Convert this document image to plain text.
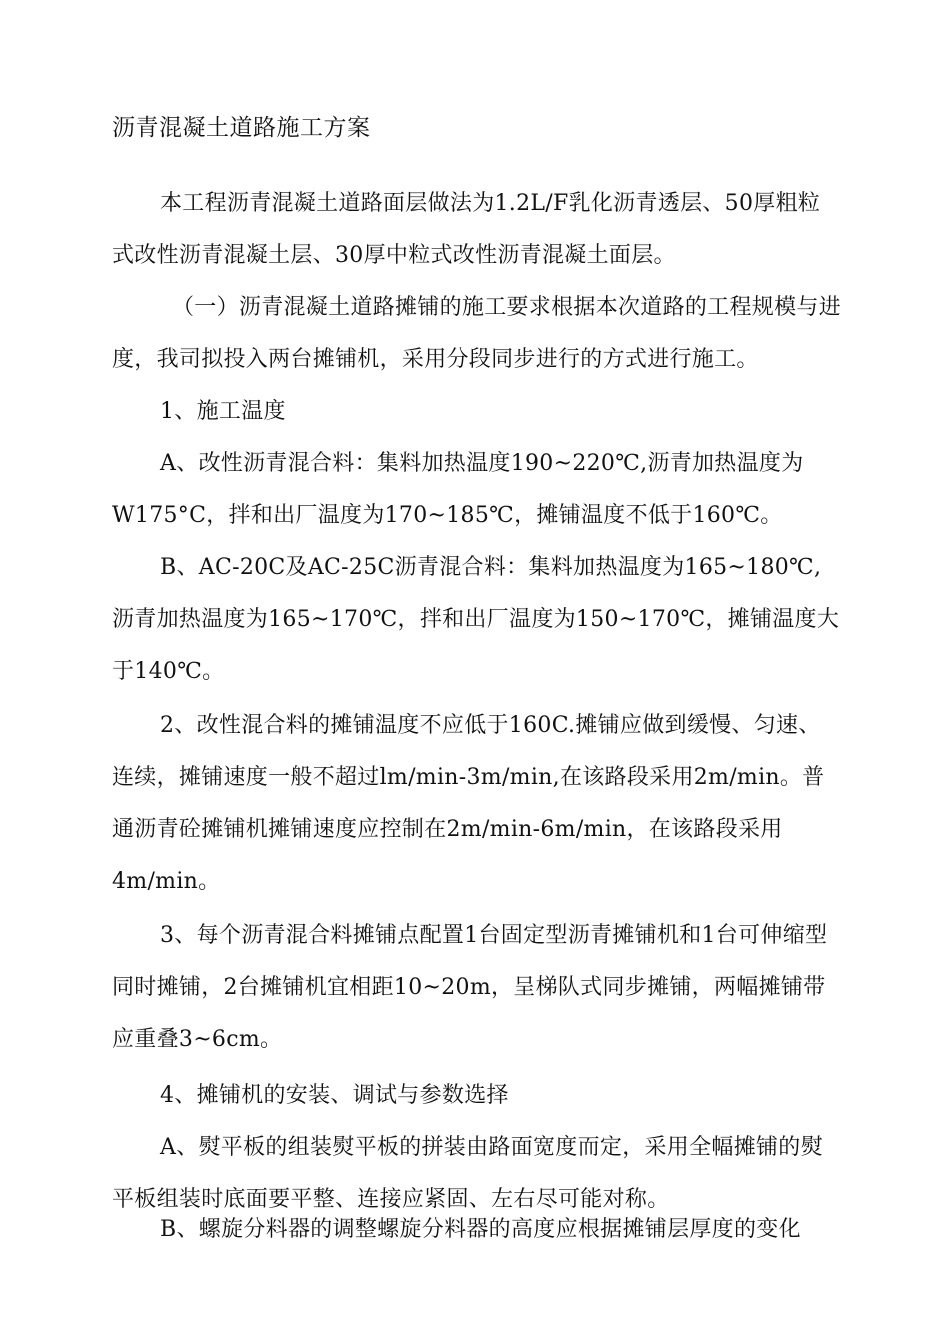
沥青混凝土道路施工方案

本工程沥青混凝土道路面层做法为1.2L/F乳化沥青透层、50厚粗粒式改性沥青混凝土层、30厚中粒式改性沥青混凝土面层。

（一）沥青混凝土道路摊铺的施工要求根据本次道路的工程规模与进度，我司拟投入两台摊铺机，采用分段同步进行的方式进行施工。

1、施工温度

A、改性沥青混合料：集料加热温度190~220℃,沥青加热温度为W175°C，拌和出厂温度为170~185℃，摊铺温度不低于160℃。

B、AC-20C及AC-25C沥青混合料：集料加热温度为165~180℃,沥青加热温度为165~170℃，拌和出厂温度为150~170℃，摊铺温度大于140℃。

2、改性混合料的摊铺温度不应低于160C.摊铺应做到缓慢、匀速、连续，摊铺速度一般不超过lm/min-3m/min,在该路段采用2m/min。普通沥青砼摊铺机摊铺速度应控制在2m/min-6m/min，在该路段采用4m/min。

3、每个沥青混合料摊铺点配置1台固定型沥青摊铺机和1台可伸缩型同时摊铺，2台摊铺机宜相距10~20m，呈梯队式同步摊铺，两幅摊铺带应重叠3~6cm。

4、摊铺机的安装、调试与参数选择

A、熨平板的组装熨平板的拼装由路面宽度而定，采用全幅摊铺的熨平板组装时底面要平整、连接应紧固、左右尽可能对称。

B、螺旋分料器的调整螺旋分料器的高度应根据摊铺层厚度的变化
